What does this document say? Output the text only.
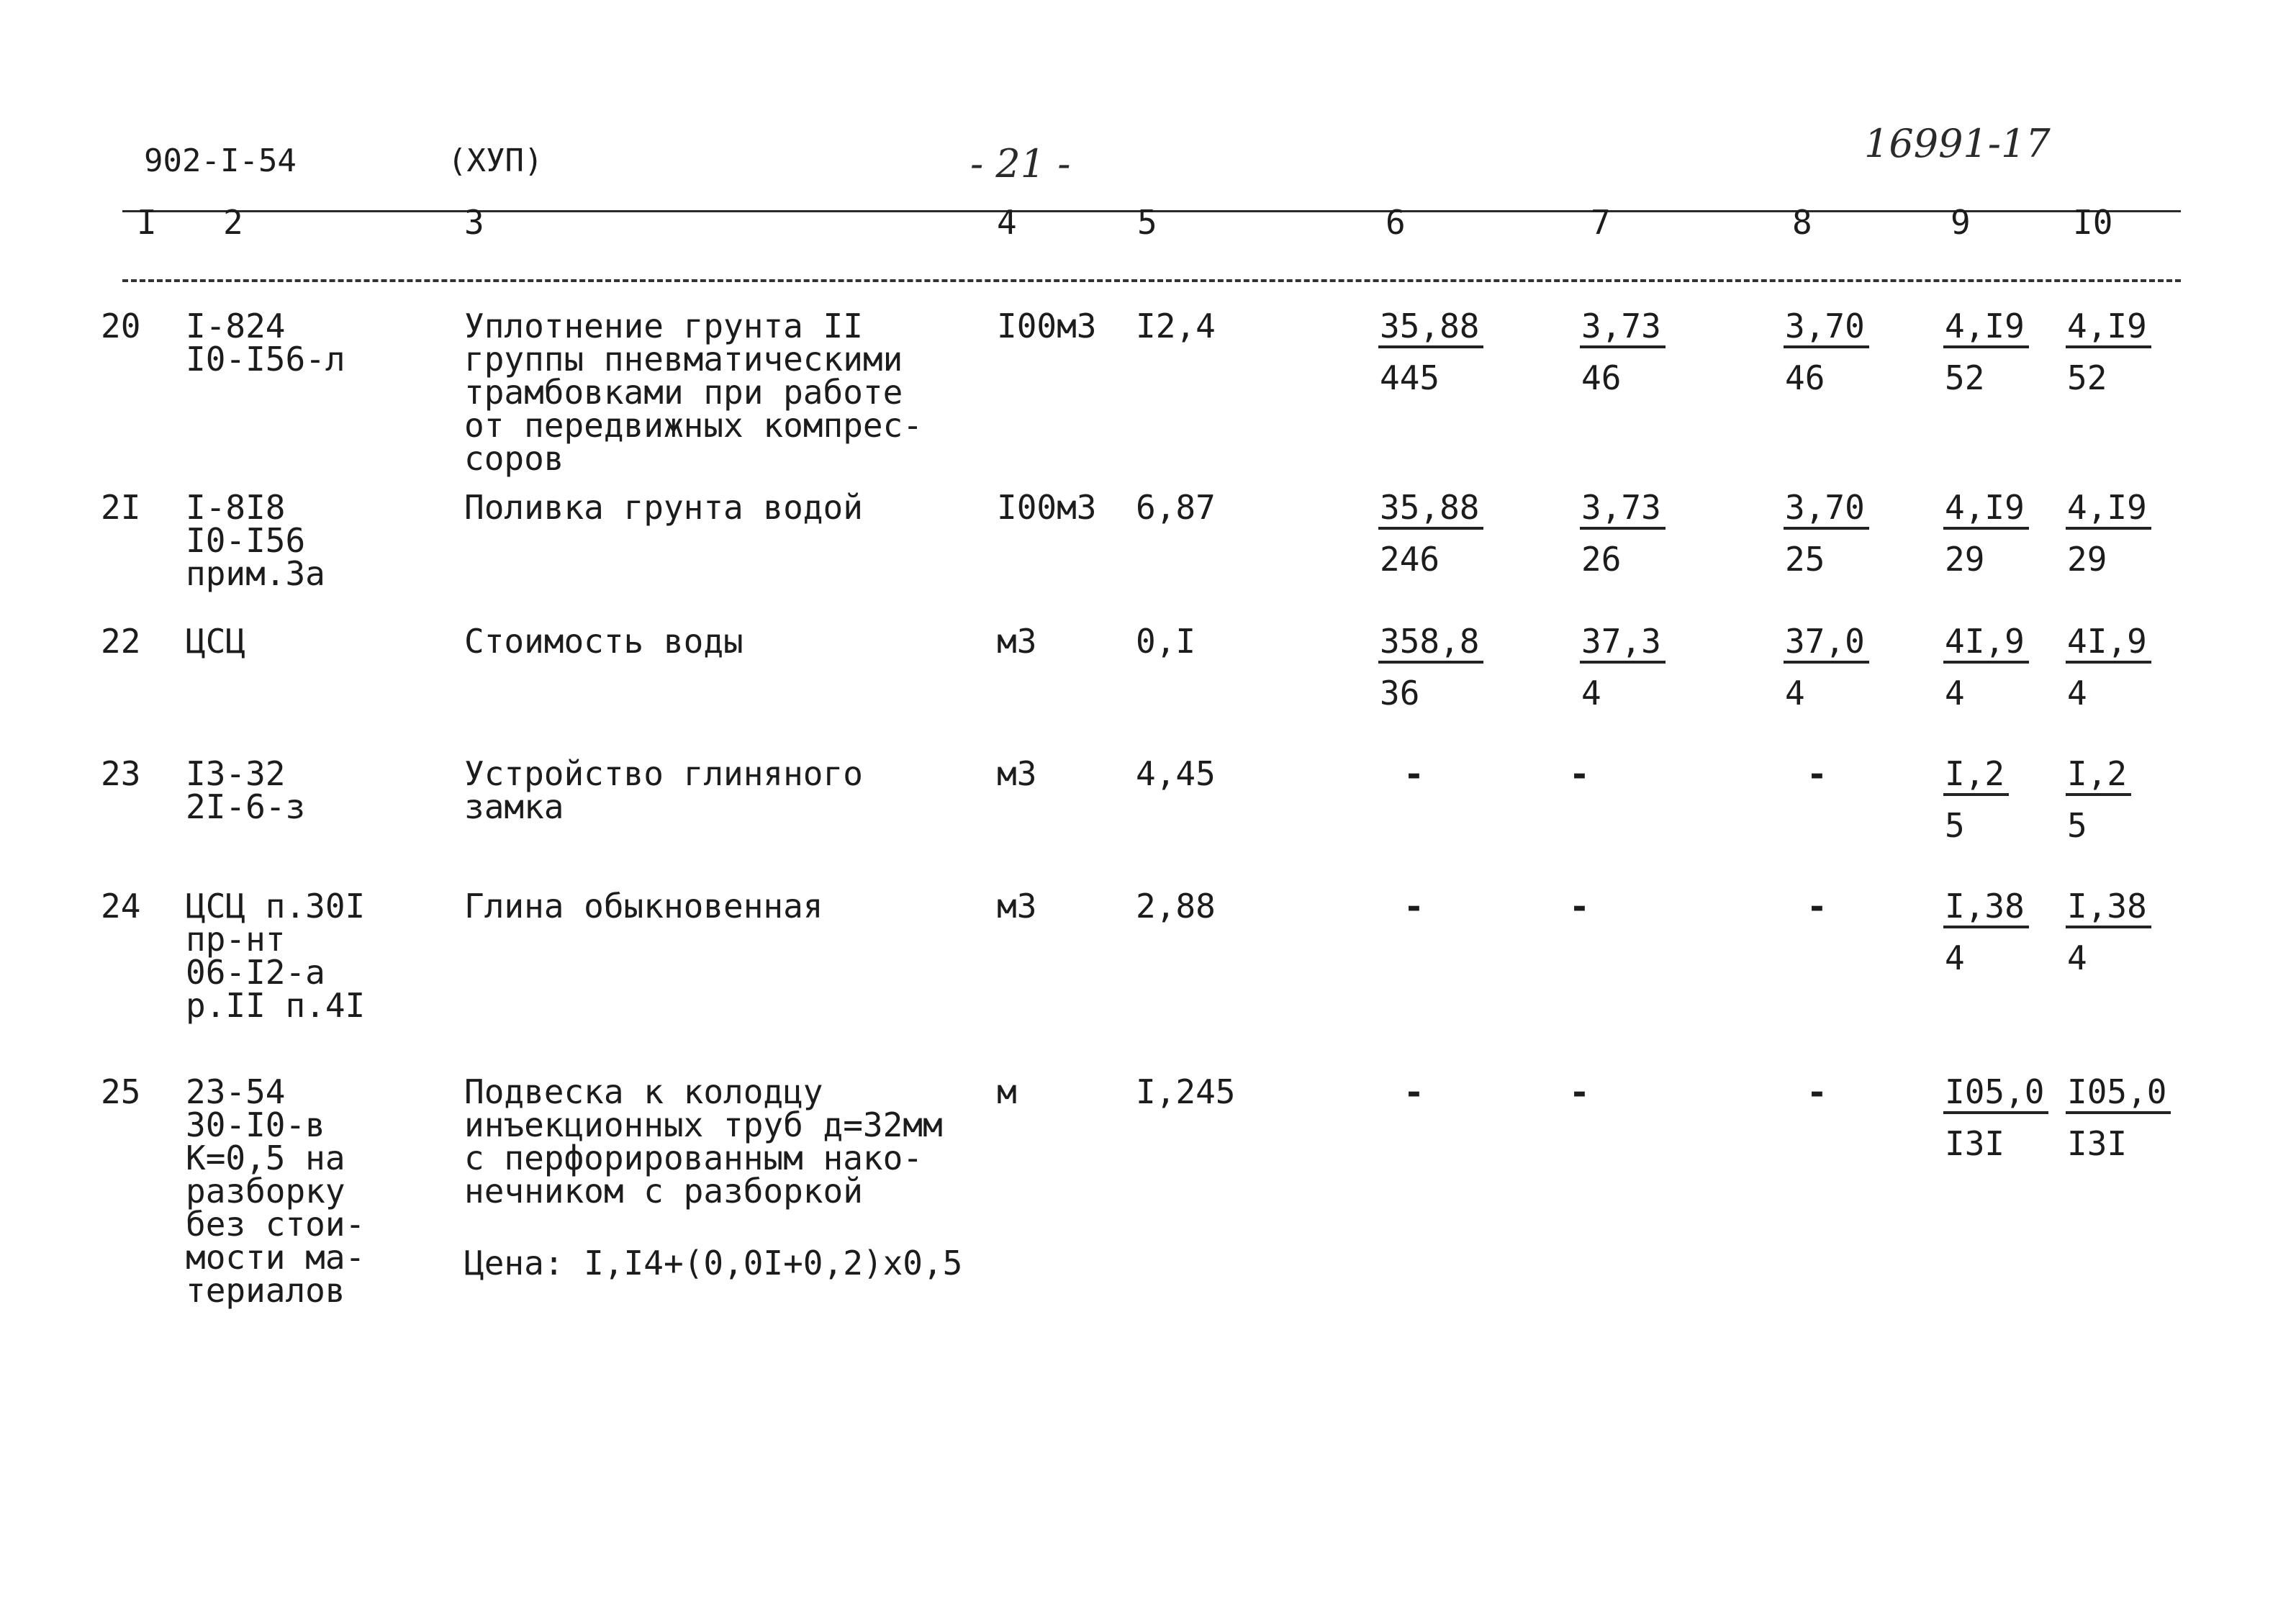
902-I-54	(ХУП)	- 21 -	16991-17
I 2	3	4	5	6	7	8	9	I0
20 I-824
I0-I56-л
Уплотнение грунта II
группы пневматическими
трамбовками при работе
от передвижных компрес-
соров
I00м3 I2,4	$\frac{35,88}{445}$	$\frac{3,73}{46}$	$\frac{3,70}{46} \frac{4,I9}{52} \frac{4,I9}{52}$
2I I-8I8
I0-I56
прим.3а
Поливка грунта водой	I00м3 6,87	$\frac{35,88}{246}$	$\frac{3,73}{26}$	$\frac{3,70}{25} \frac{4,I9}{29} \frac{4,I9}{29}$
22 ЦСЦ	Стоимость воды	м3	0,I	$\frac{358,8}{36}$	$\frac{37,3}{4}$	$\frac{37,0}{4} \frac{4I,9}{4} \frac{4I,9}{4}$
23 I3-32
2I-6-з
Устройство глиняного
замка
м3	4,45	-	-	-	$\frac{I,2}{5} \frac{I,2}{5}$
24 ЦСЦ п.30I
пр-нт
06-I2-а
р.II п.4I
Глина обыкновенная	м3	2,88	-	-	-	$\frac{I,38}{4} \frac{I,38}{4}$
25 23-54
30-I0-в
К=0,5 на
разборку
без стои-
мости ма-
териалов
Подвеска к колодцу
инъекционных труб д=32мм
с перфорированным нако-
нечником с разборкой
Цена: I,I4+(0,0I+0,2)х0,5
м	I,245	-	-	-	$\frac{I05,0}{I3I} \frac{I05,0}{I3I}$
